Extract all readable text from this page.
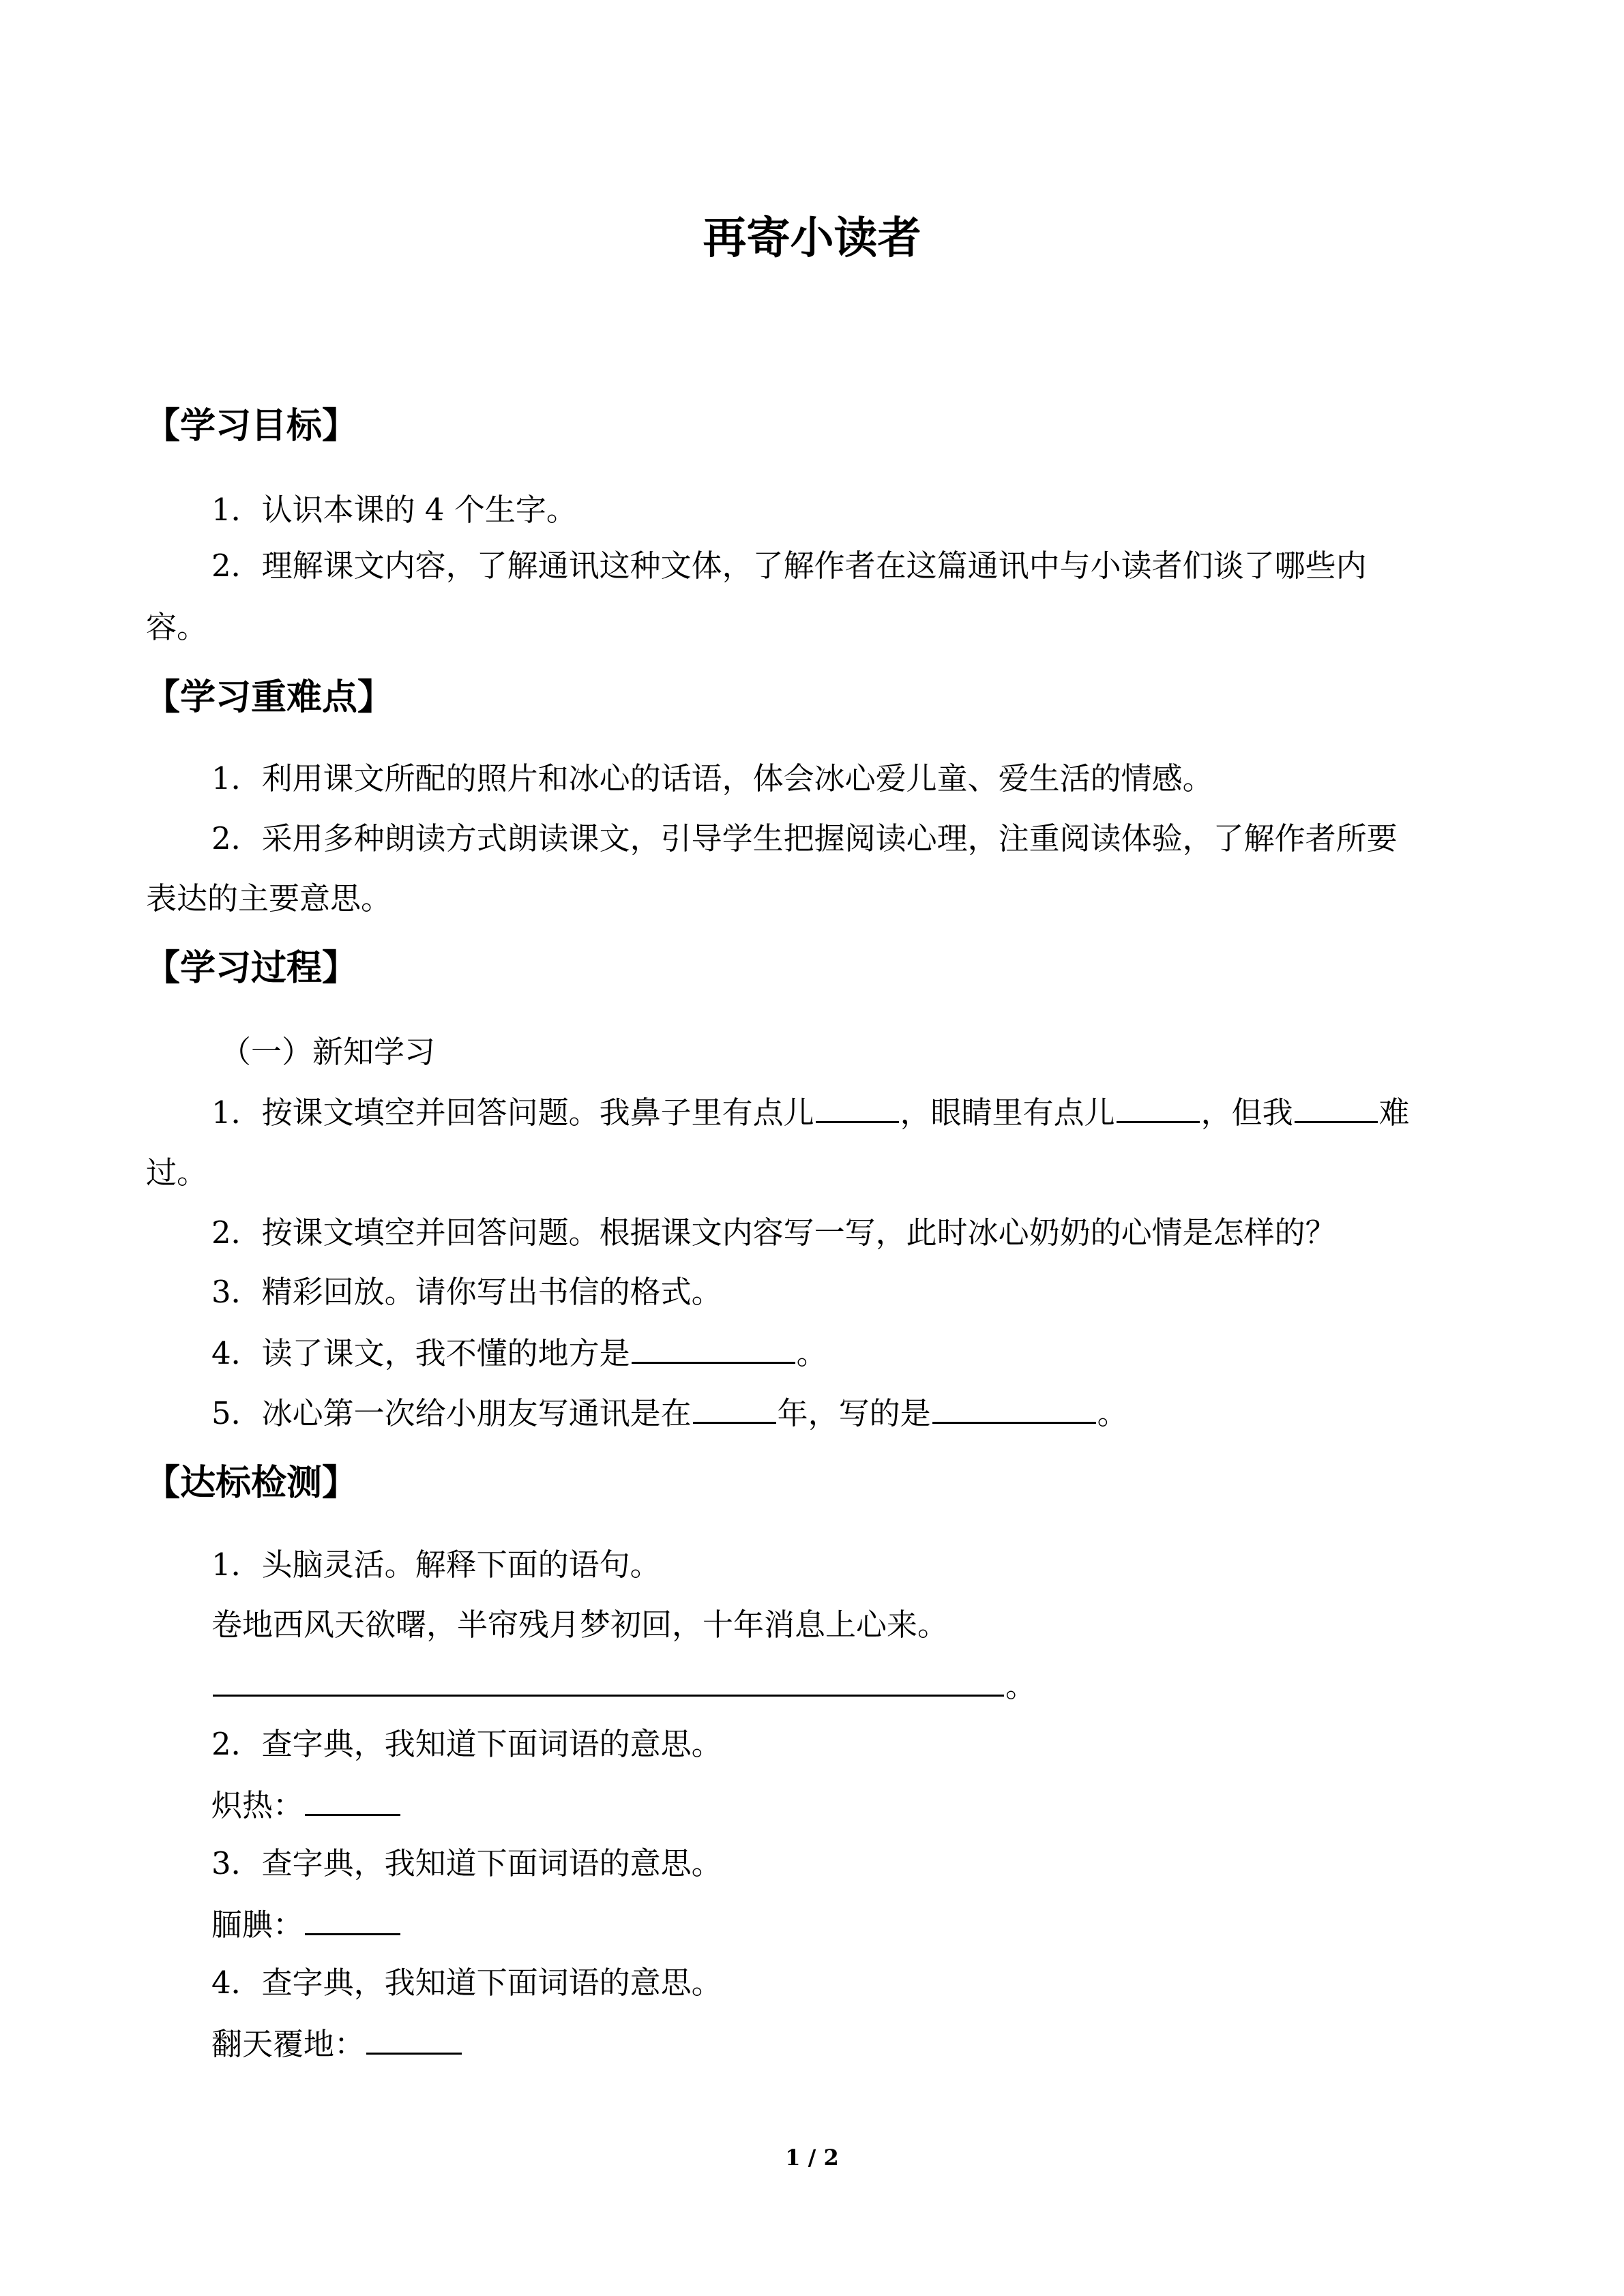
再寄小读者
【学习目标】
1．认识本课的 4 个生字。
2．理解课文内容，了解通讯这种文体，了解作者在这篇通讯中与小读者们谈了哪些内
容。
【学习重难点】
1．利用课文所配的照片和冰心的话语，体会冰心爱儿童、爱生活的情感。
2．采用多种朗读方式朗读课文，引导学生把握阅读心理，注重阅读体验，了解作者所要
表达的主要意思。
【学习过程】
（一）新知学习
1．按课文填空并回答问题。我鼻子里有点儿	，眼睛里有点儿	，但我	难
过。
2．按课文填空并回答问题。根据课文内容写一写，此时冰心奶奶的心情是怎样的？
3．精彩回放。请你写出书信的格式。
4．读了课文，我不懂的地方是	。
5．冰心第一次给小朋友写通讯是在	年，写的是	。
【达标检测】
1．头脑灵活。解释下面的语句。
卷地西风天欲曙，半帘残月梦初回，十年消息上心来。
。
2．查字典，我知道下面词语的意思。
炽热：
3．查字典，我知道下面词语的意思。
腼腆：
4．查字典，我知道下面词语的意思。
翻天覆地：
1 / 2
